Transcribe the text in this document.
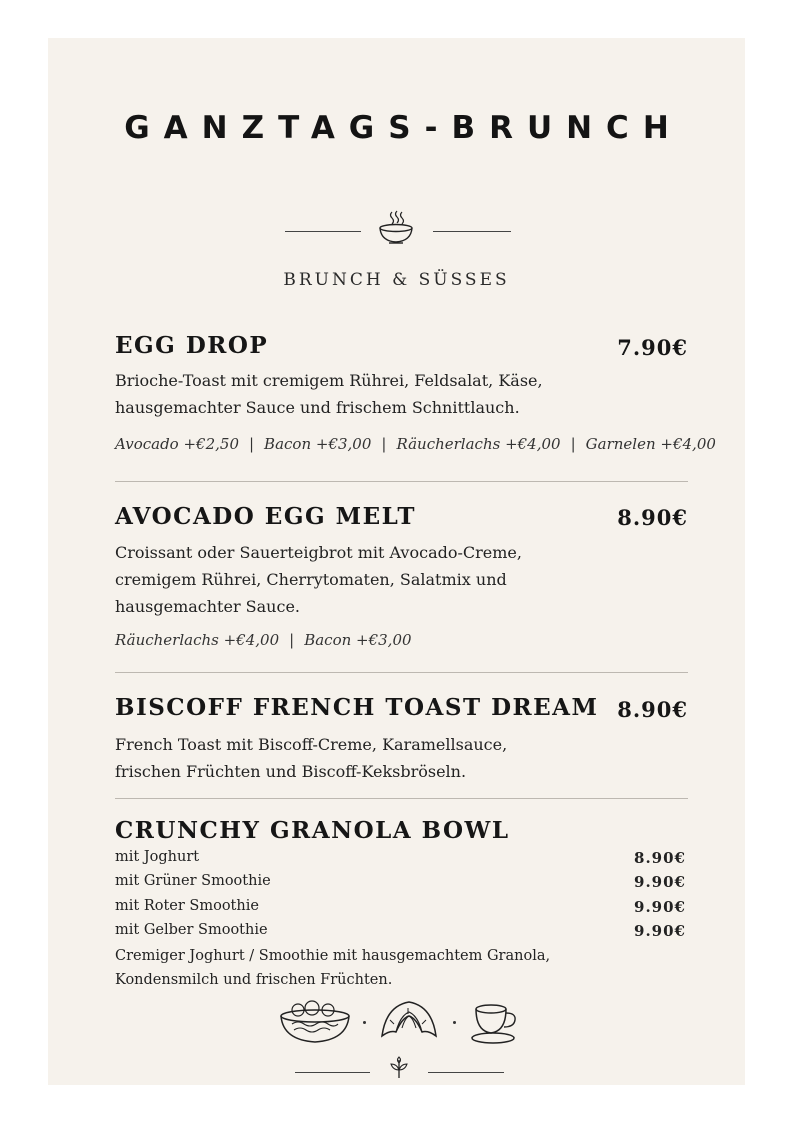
GANZTAGS-BRUNCH
BRUNCH & SÜSSES
EGG DROP	7.90€
Brioche-Toast mit cremigem Rührei, Feldsalat, Käse, hausgemachter Sauce und frischem Schnittlauch.
Avocado +€2,50 | Bacon +€3,00 | Räucherlachs +€4,00 | Garnelen +€4,00
AVOCADO EGG MELT	8.90€
Croissant oder Sauerteigbrot mit Avocado-Creme, cremigem Rührei, Cherrytomaten, Salatmix und hausgemachter Sauce.
Räucherlachs +€4,00 | Bacon +€3,00
BISCOFF FRENCH TOAST DREAM 8.90€
French Toast mit Biscoff-Creme, Karamellsauce, frischen Früchten und Biscoff-Keksbröseln.
CRUNCHY GRANOLA BOWL
mit Joghurt	8.90€
mit Grüner Smoothie	9.90€
mit Roter Smoothie	9.90€
mit Gelber Smoothie	9.90€
Cremiger Joghurt / Smoothie mit hausgemachtem Granola, Kondensmilch und frischen Früchten.
